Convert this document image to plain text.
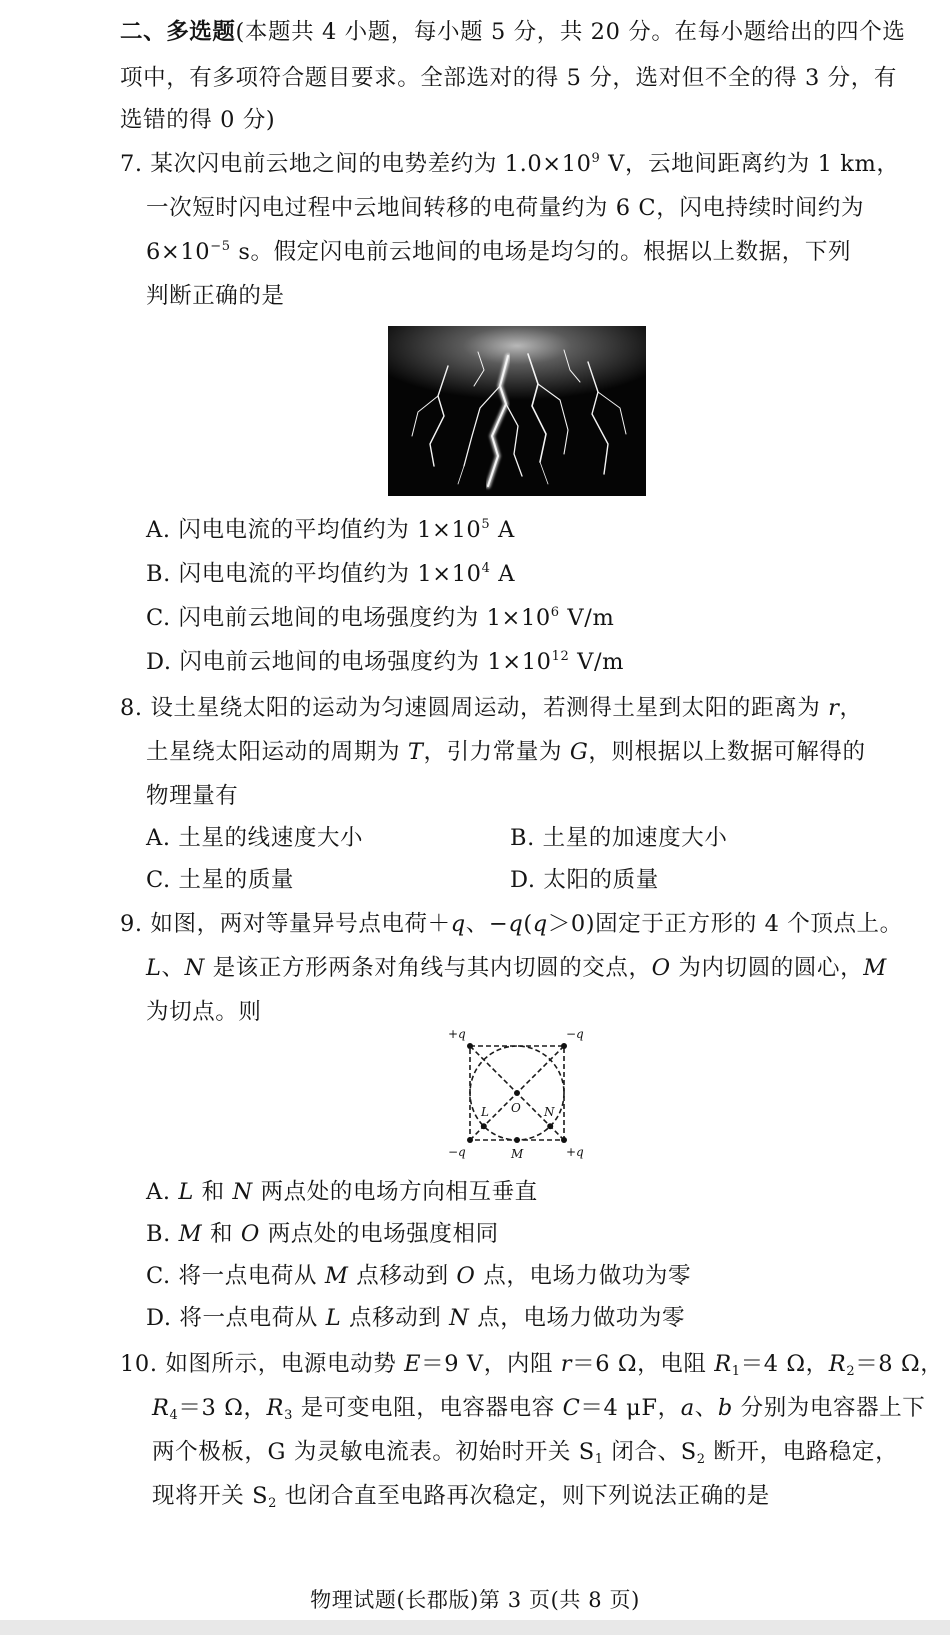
二、多选题(本题共 4 小题，每小题 5 分，共 20 分。在每小题给出的四个选
项中，有多项符合题目要求。全部选对的得 5 分，选对但不全的得 3 分，有
选错的得 0 分)
7. 某次闪电前云地之间的电势差约为 $1.0\times 10^9$ V，云地间距离约为 1 km，
一次短时闪电过程中云地间转移的电荷量约为 6 C，闪电持续时间约为
$6\times 10^{-5}$ s。假定闪电前云地间的电场是均匀的。根据以上数据，下列
判断正确的是
A. 闪电电流的平均值约为 $1\times 10^5$ A
B. 闪电电流的平均值约为 $1\times 10^4$ A
C. 闪电前云地间的电场强度约为 $1\times 10^6$ V/m
D. 闪电前云地间的电场强度约为 $1\times 10^{12}$ V/m
8. 设土星绕太阳的运动为匀速圆周运动，若测得土星到太阳的距离为 r，
土星绕太阳运动的周期为 T，引力常量为 G，则根据以上数据可解得的
物理量有
A. 土星的线速度大小	B. 土星的加速度大小
C. 土星的质量	D. 太阳的质量
9. 如图，两对等量异号点电荷＋q、−q(q＞0)固定于正方形的 4 个顶点上。
L、N 是该正方形两条对角线与其内切圆的交点，O 为内切圆的圆心，M
为切点。则
+q	−q
−q	+q
O
L	N
M
A. L 和 N 两点处的电场方向相互垂直
B. M 和 O 两点处的电场强度相同
C. 将一点电荷从 M 点移动到 O 点，电场力做功为零
D. 将一点电荷从 L 点移动到 N 点，电场力做功为零
10. 如图所示，电源电动势 E＝9 V，内阻 r＝6 Ω，电阻 $R_1=4$ Ω，$R_2=8$ Ω，
$R_4=3$ Ω，$R_3$ 是可变电阻，电容器电容 C＝4 μF，a、b 分别为电容器上下
两个极板，G 为灵敏电流表。初始时开关 $S_1$ 闭合、$S_2$ 断开，电路稳定，
现将开关 $S_2$ 也闭合直至电路再次稳定，则下列说法正确的是
物理试题(长郡版)第 3 页(共 8 页)
